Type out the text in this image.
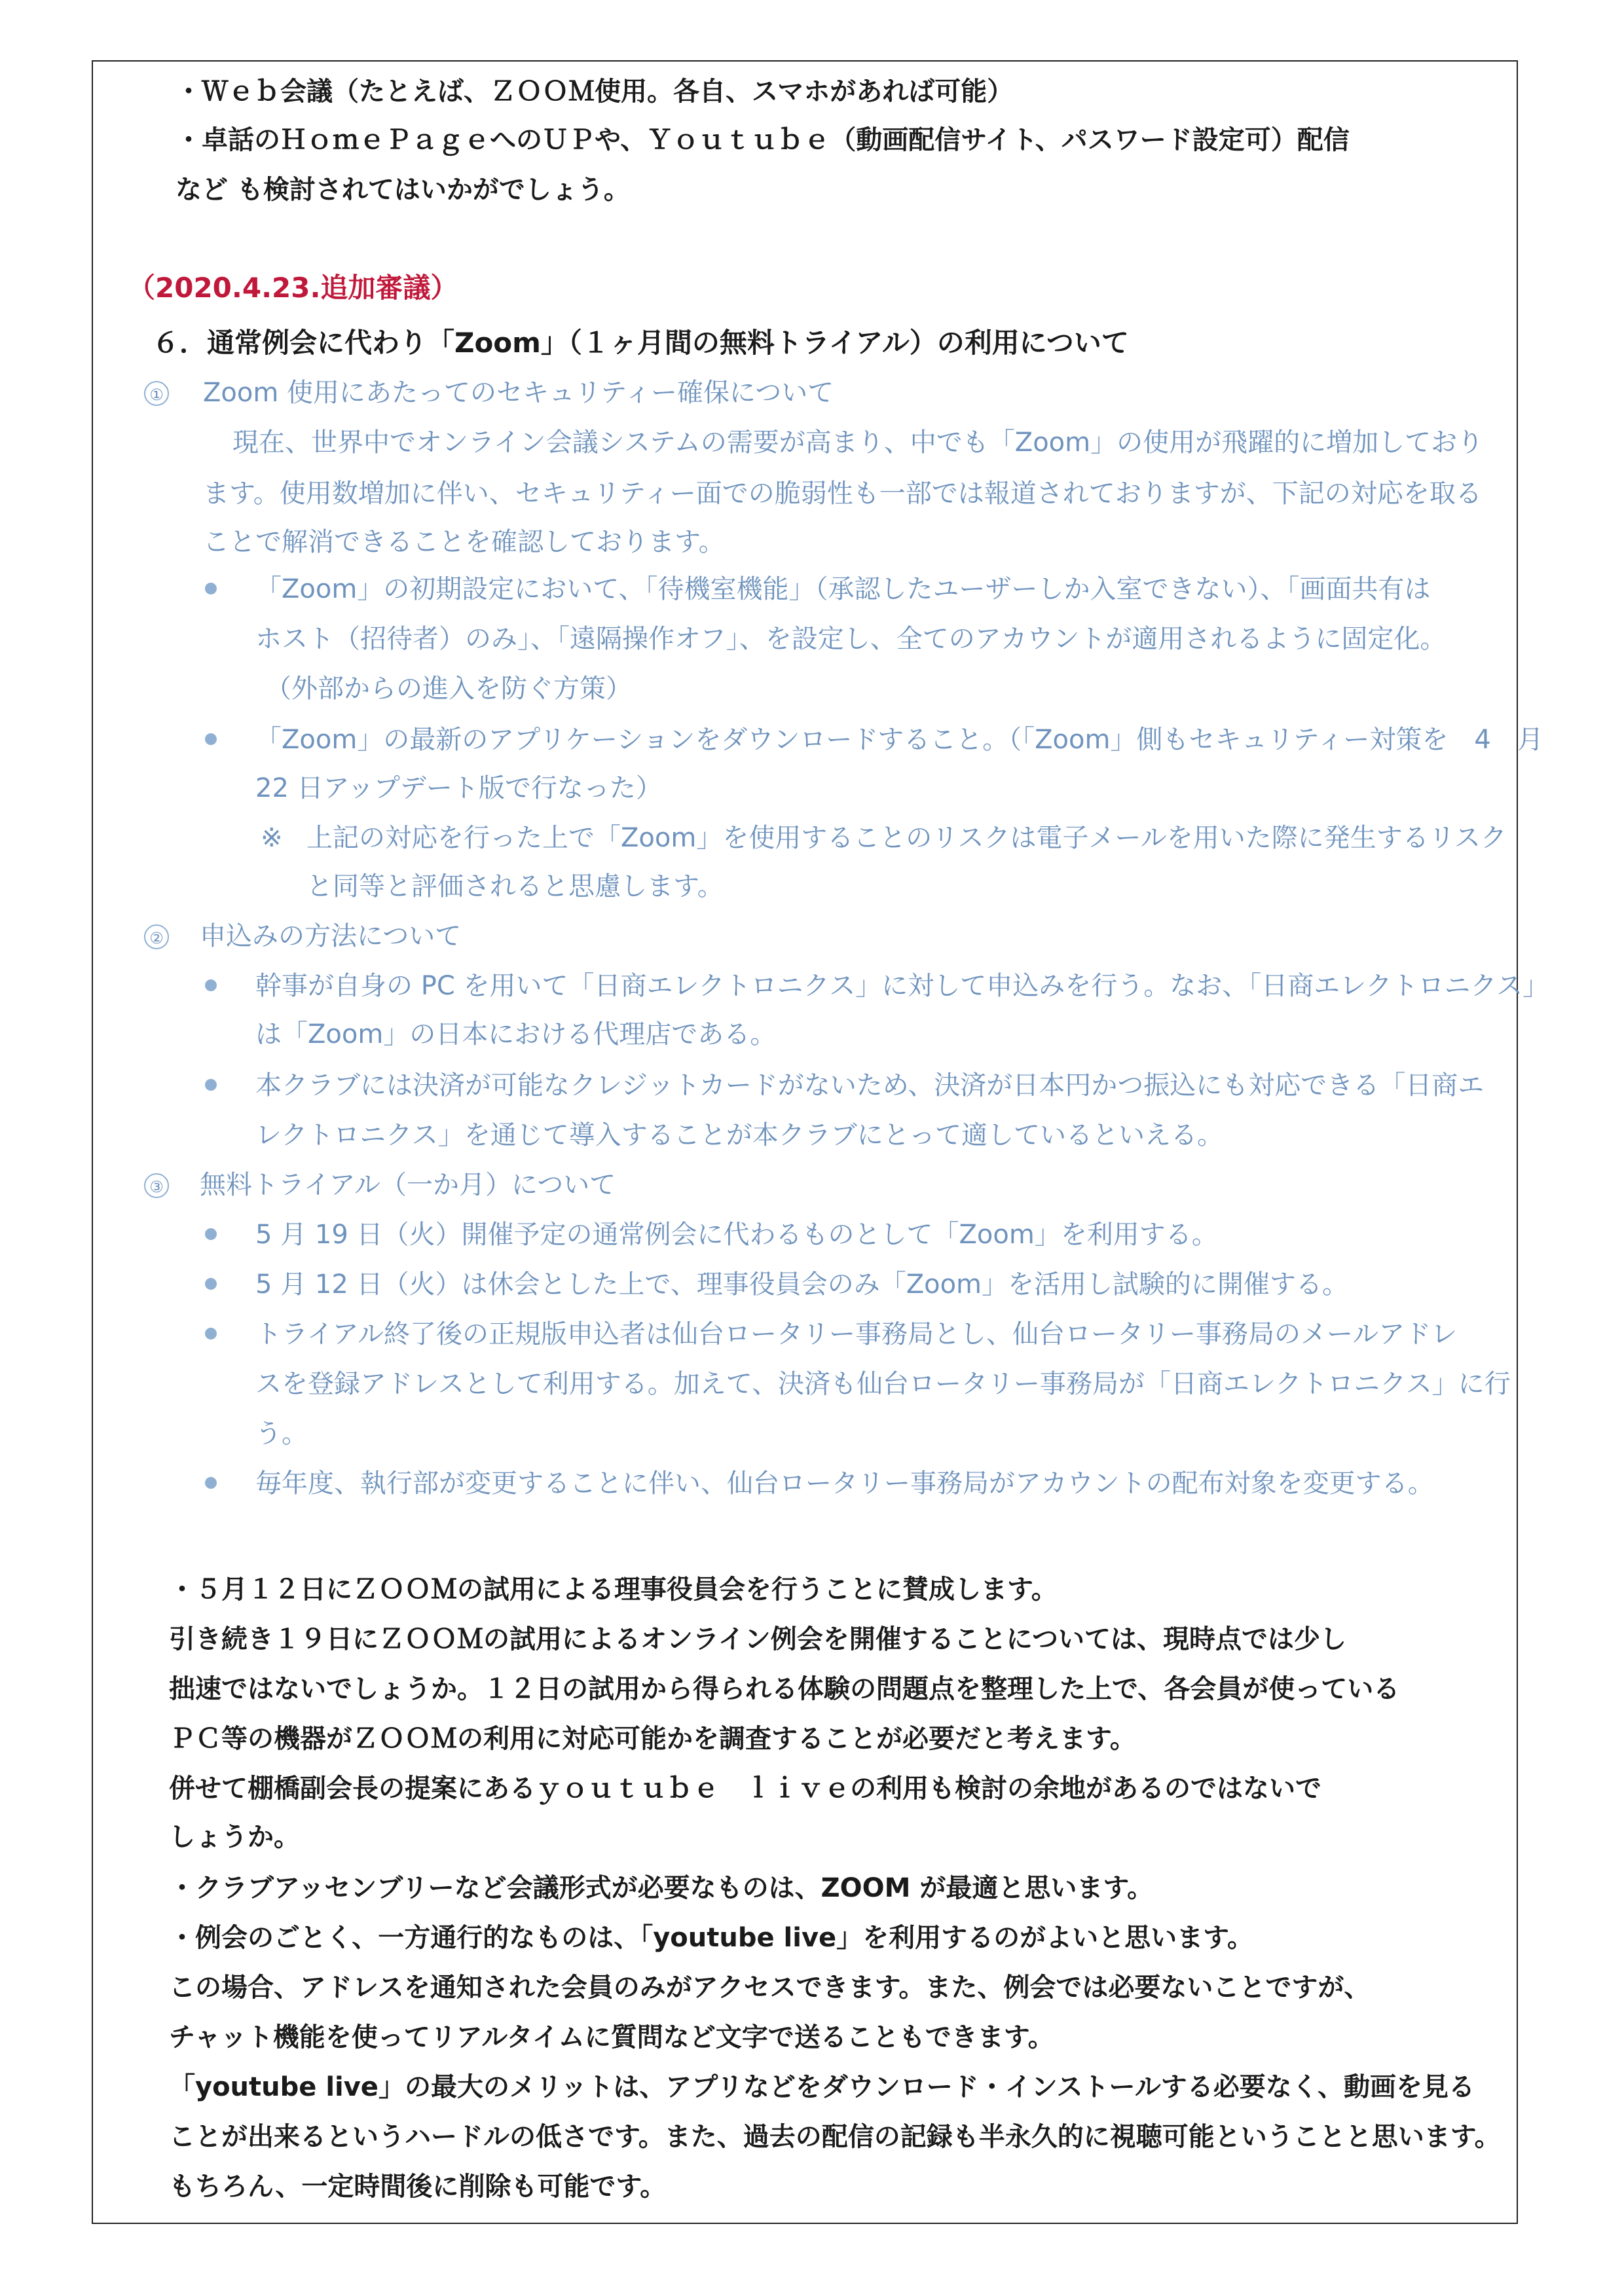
・Ｗｅｂ会議（たとえば、ＺＯＯＭ使用。各自、スマホがあれば可能）
・卓話のＨｏｍｅＰａｇｅへのＵＰや、Ｙｏｕｔｕｂｅ（動画配信サイト、パスワード設定可）配信
など も検討されてはいかがでしょう。
（2020.4.23.追加審議）
６．通常例会に代わり「Zoom」（１ヶ月間の無料トライアル）の利用について
① Zoom 使用にあたってのセキュリティー確保について
現在、世界中でオンライン会議システムの需要が高まり、中でも「Zoom」の使用が飛躍的に増加しており
ます。使用数増加に伴い、セキュリティー面での脆弱性も一部では報道されておりますが、下記の対応を取る
ことで解消できることを確認しております。
「Zoom」の初期設定において、「待機室機能」（承認したユーザーしか入室できない）、「画面共有は
ホスト（招待者）のみ」、「遠隔操作オフ」、を設定し、全てのアカウントが適用されるように固定化。
（外部からの進入を防ぐ方策）
「Zoom」の最新のアプリケーションをダウンロードすること。（「Zoom」側もセキュリティー対策を　4　月
22 日アップデート版で行なった）
※ 上記の対応を行った上で「Zoom」を使用することのリスクは電子メールを用いた際に発生するリスク
と同等と評価されると思慮します。
② 申込みの方法について
幹事が自身の PC を用いて「日商エレクトロニクス」に対して申込みを行う。なお、「日商エレクトロニクス」
は「Zoom」の日本における代理店である。
本クラブには決済が可能なクレジットカードがないため、決済が日本円かつ振込にも対応できる「日商エ
レクトロニクス」を通じて導入することが本クラブにとって適しているといえる。
③ 無料トライアル（一か月）について
5 月 19 日（火）開催予定の通常例会に代わるものとして「Zoom」を利用する。
5 月 12 日（火）は休会とした上で、理事役員会のみ「Zoom」を活用し試験的に開催する。
トライアル終了後の正規版申込者は仙台ロータリー事務局とし、仙台ロータリー事務局のメールアドレ
スを登録アドレスとして利用する。加えて、決済も仙台ロータリー事務局が「日商エレクトロニクス」に行
う。
毎年度、執行部が変更することに伴い、仙台ロータリー事務局がアカウントの配布対象を変更する。
・５月１２日にＺＯＯＭの試用による理事役員会を行うことに賛成します。
引き続き１９日にＺＯＯＭの試用によるオンライン例会を開催することについては、現時点では少し
拙速ではないでしょうか。１２日の試用から得られる体験の問題点を整理した上で、各会員が使っている
ＰＣ等の機器がＺＯＯＭの利用に対応可能かを調査することが必要だと考えます。
併せて棚橋副会長の提案にあるｙｏｕｔｕｂｅ　ｌｉｖｅの利用も検討の余地があるのではないで
しょうか。
・クラブアッセンブリーなど会議形式が必要なものは、ZOOM が最適と思います。
・例会のごとく、一方通行的なものは、「youtube live」を利用するのがよいと思います。
この場合、アドレスを通知された会員のみがアクセスできます。また、例会では必要ないことですが、
チャット機能を使ってリアルタイムに質問など文字で送ることもできます。
「youtube live」の最大のメリットは、アプリなどをダウンロード・インストールする必要なく、動画を見る
ことが出来るというハードルの低さです。また、過去の配信の記録も半永久的に視聴可能ということと思います。
もちろん、一定時間後に削除も可能です。
